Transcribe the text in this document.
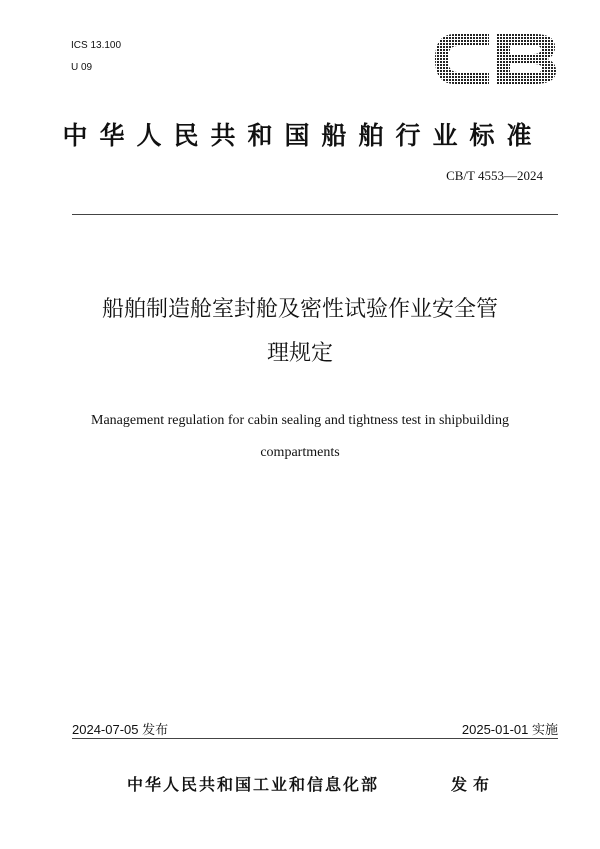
ICS 13.100
U 09
中华人民共和国船舶行业标准
CB/T 4553—2024
船舶制造舱室封舱及密性试验作业安全管
理规定
Management regulation for cabin sealing and tightness test in shipbuilding
compartments
2024-07-05 发布	2025-01-01 实施
中华人民共和国工业和信息化部	发布
